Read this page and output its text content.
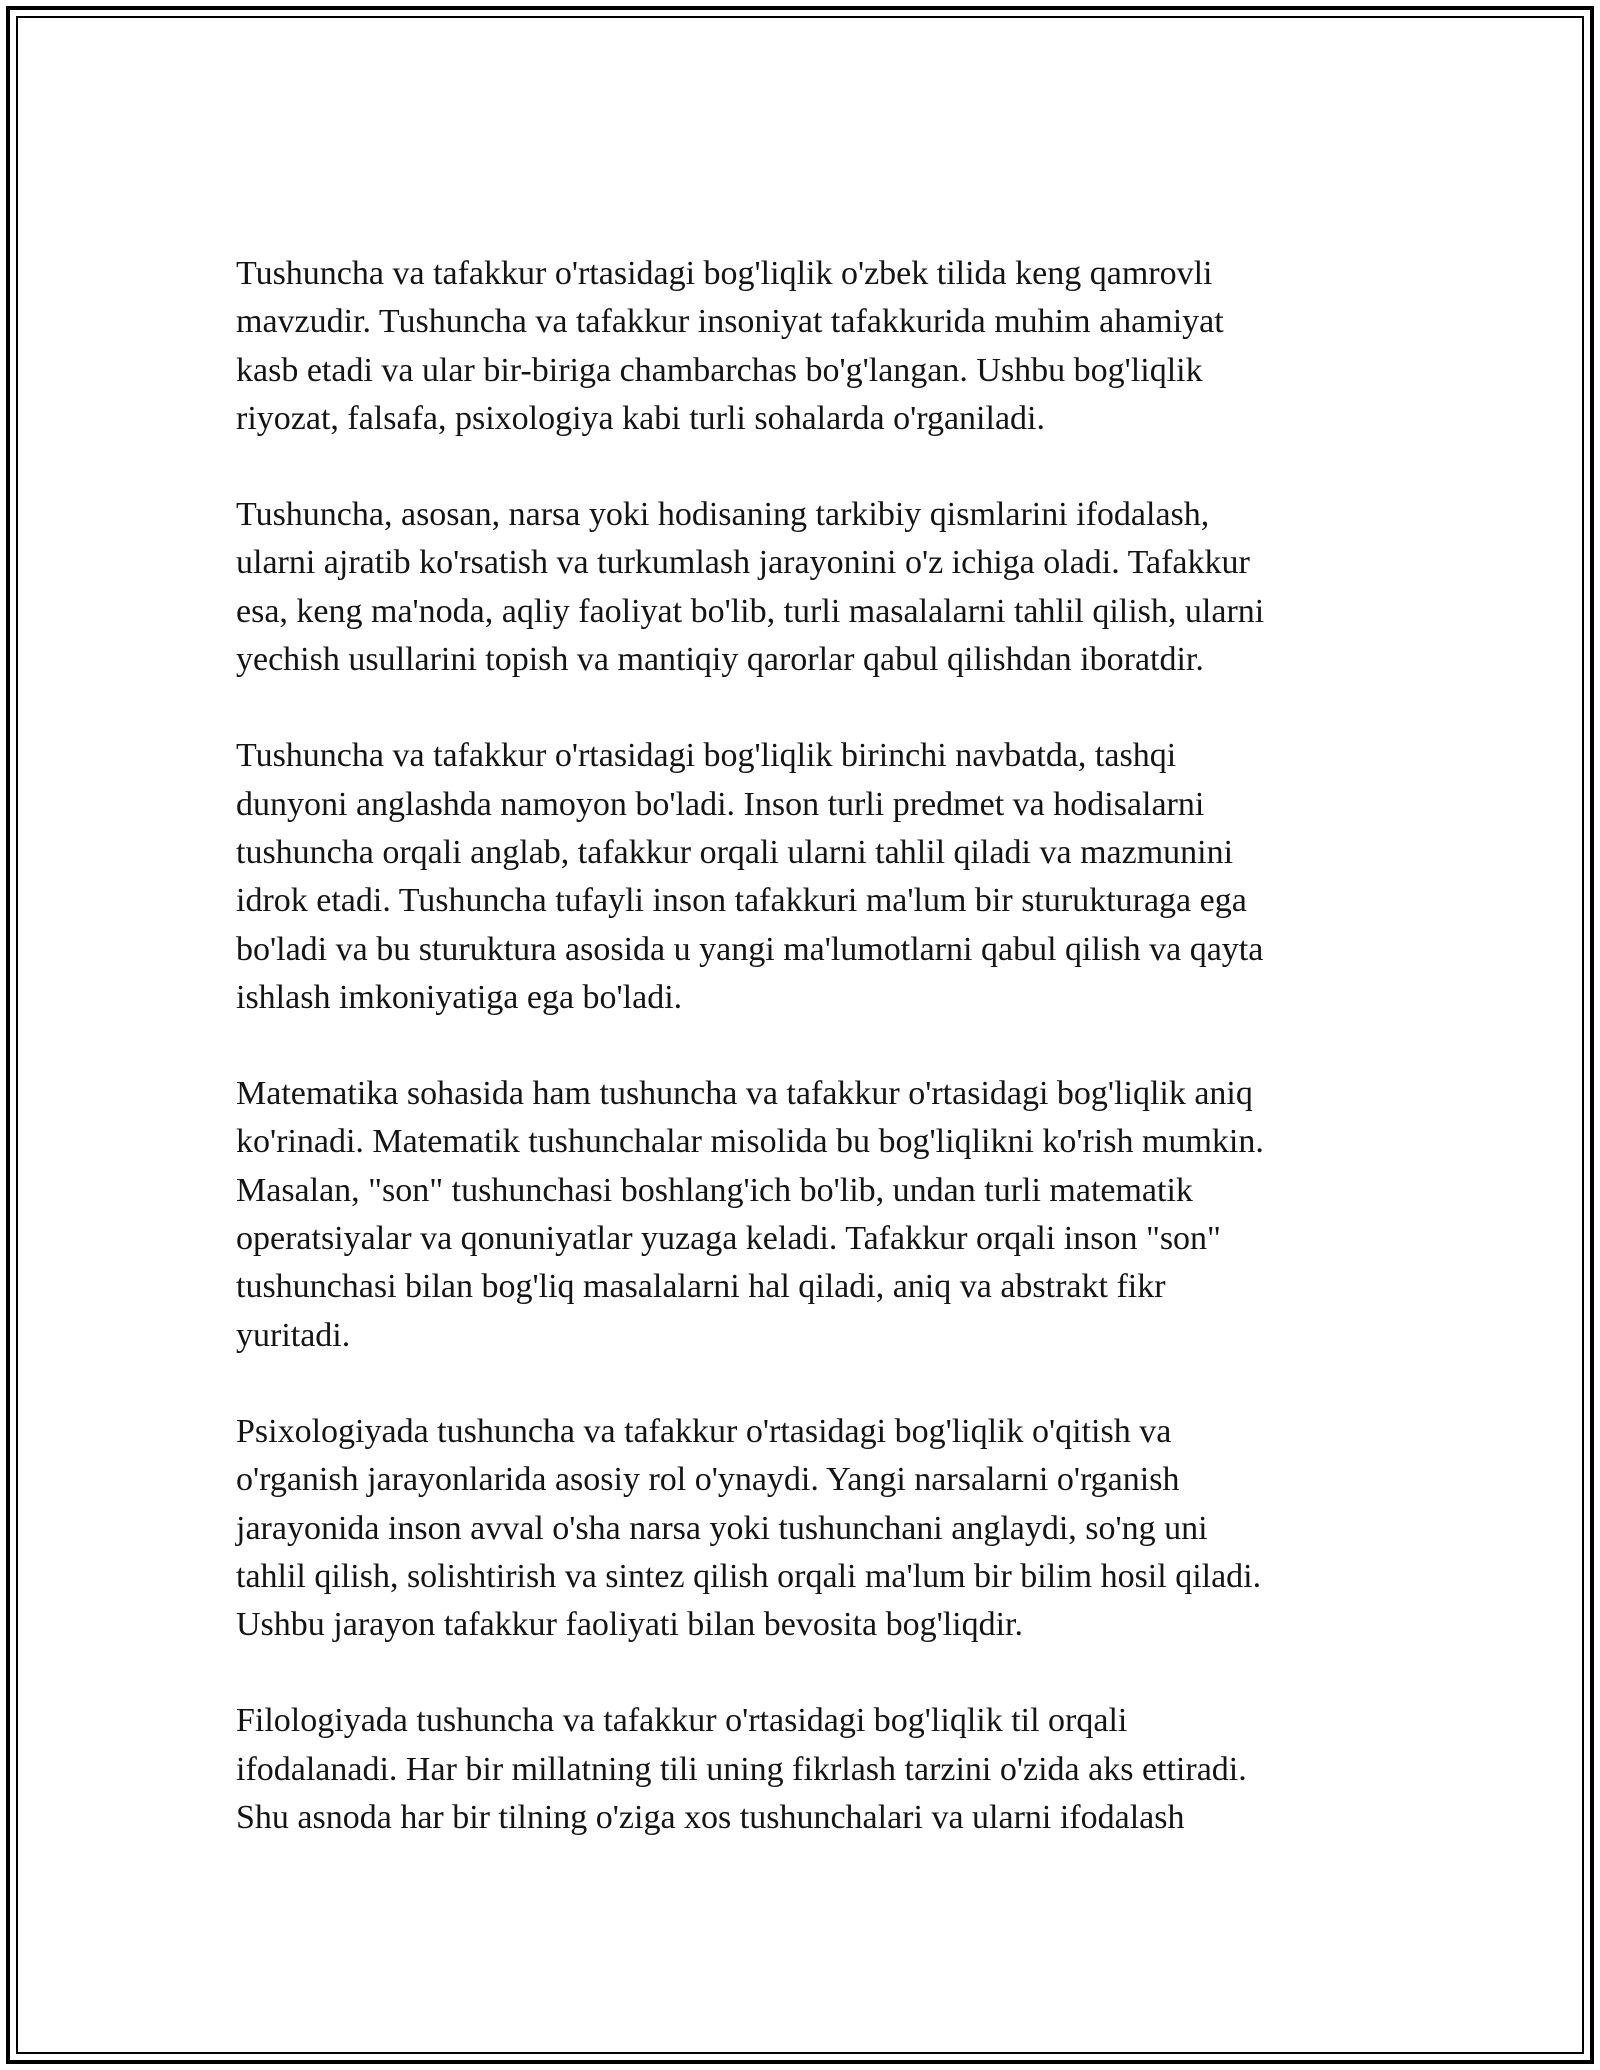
Tushuncha va tafakkur o'rtasidagi bog'liqlik o'zbek tilida keng qamrovli
mavzudir. Tushuncha va tafakkur insoniyat tafakkurida muhim ahamiyat
kasb etadi va ular bir-biriga chambarchas bo'g'langan. Ushbu bog'liqlik
riyozat, falsafa, psixologiya kabi turli sohalarda o'rganiladi.

Tushuncha, asosan, narsa yoki hodisaning tarkibiy qismlarini ifodalash,
ularni ajratib ko'rsatish va turkumlash jarayonini o'z ichiga oladi. Tafakkur
esa, keng ma'noda, aqliy faoliyat bo'lib, turli masalalarni tahlil qilish, ularni
yechish usullarini topish va mantiqiy qarorlar qabul qilishdan iboratdir.

Tushuncha va tafakkur o'rtasidagi bog'liqlik birinchi navbatda, tashqi
dunyoni anglashda namoyon bo'ladi. Inson turli predmet va hodisalarni
tushuncha orqali anglab, tafakkur orqali ularni tahlil qiladi va mazmunini
idrok etadi. Tushuncha tufayli inson tafakkuri ma'lum bir sturukturaga ega
bo'ladi va bu sturuktura asosida u yangi ma'lumotlarni qabul qilish va qayta
ishlash imkoniyatiga ega bo'ladi.

Matematika sohasida ham tushuncha va tafakkur o'rtasidagi bog'liqlik aniq
ko'rinadi. Matematik tushunchalar misolida bu bog'liqlikni ko'rish mumkin.
Masalan, "son" tushunchasi boshlang'ich bo'lib, undan turli matematik
operatsiyalar va qonuniyatlar yuzaga keladi. Tafakkur orqali inson "son"
tushunchasi bilan bog'liq masalalarni hal qiladi, aniq va abstrakt fikr
yuritadi.

Psixologiyada tushuncha va tafakkur o'rtasidagi bog'liqlik o'qitish va
o'rganish jarayonlarida asosiy rol o'ynaydi. Yangi narsalarni o'rganish
jarayonida inson avval o'sha narsa yoki tushunchani anglaydi, so'ng uni
tahlil qilish, solishtirish va sintez qilish orqali ma'lum bir bilim hosil qiladi.
Ushbu jarayon tafakkur faoliyati bilan bevosita bog'liqdir.

Filologiyada tushuncha va tafakkur o'rtasidagi bog'liqlik til orqali
ifodalanadi. Har bir millatning tili uning fikrlash tarzini o'zida aks ettiradi.
Shu asnoda har bir tilning o'ziga xos tushunchalari va ularni ifodalash
